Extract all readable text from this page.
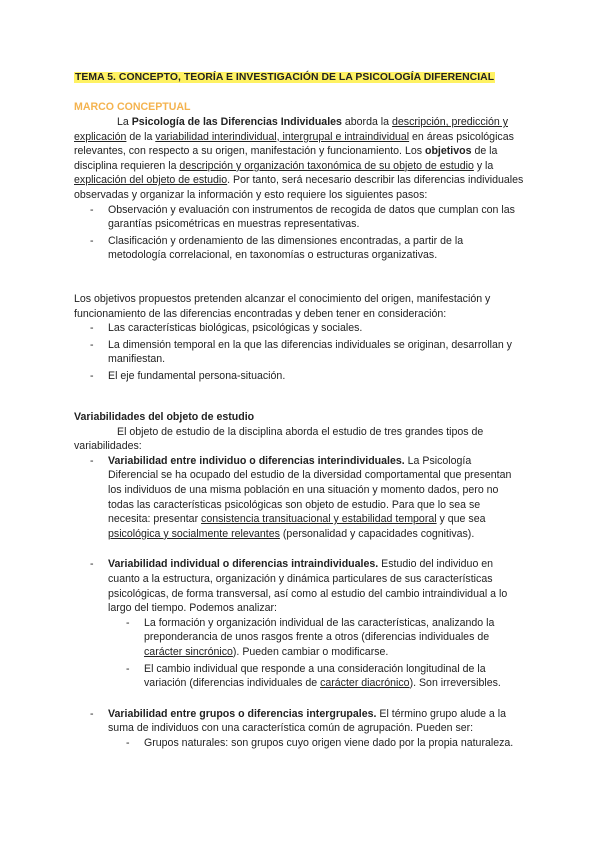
TEMA 5. CONCEPTO, TEORÍA E INVESTIGACIÓN DE LA PSICOLOGÍA DIFERENCIAL
MARCO CONCEPTUAL

La Psicología de las Diferencias Individuales aborda la descripción, predicción y explicación de la variabilidad interindividual, intergrupal e intraindividual en áreas psicológicas relevantes, con respecto a su origen, manifestación y funcionamiento. Los objetivos de la disciplina requieren la descripción y organización taxonómica de su objeto de estudio y la explicación del objeto de estudio. Por tanto, será necesario describir las diferencias individuales observadas y organizar la información y esto requiere los siguientes pasos:

- Observación y evaluación con instrumentos de recogida de datos que cumplan con las garantías psicométricas en muestras representativas.
- Clasificación y ordenamiento de las dimensiones encontradas, a partir de la metodología correlacional, en taxonomías o estructuras organizativas.

Los objetivos propuestos pretenden alcanzar el conocimiento del origen, manifestación y funcionamiento de las diferencias encontradas y deben tener en consideración:

- Las características biológicas, psicológicas y sociales.
- La dimensión temporal en la que las diferencias individuales se originan, desarrollan y manifiestan.
- El eje fundamental persona-situación.

Variabilidades del objeto de estudio

El objeto de estudio de la disciplina aborda el estudio de tres grandes tipos de variabilidades:

- Variabilidad entre individuo o diferencias interindividuales. La Psicología Diferencial se ha ocupado del estudio de la diversidad comportamental que presentan los individuos de una misma población en una situación y momento dados, pero no todas las características psicológicas son objeto de estudio. Para que lo sea se necesita: presentar consistencia transituacional y estabilidad temporal y que sea psicológica y socialmente relevantes (personalidad y capacidades cognitivas).
- Variabilidad individual o diferencias intraindividuales. Estudio del individuo en cuanto a la estructura, organización y dinámica particulares de sus características psicológicas, de forma transversal, así como al estudio del cambio intraindividual a lo largo del tiempo. Podemos analizar:
- La formación y organización individual de las características, analizando la preponderancia de unos rasgos frente a otros (diferencias individuales de carácter sincrónico). Pueden cambiar o modificarse.
- El cambio individual que responde a una consideración longitudinal de la variación (diferencias individuales de carácter diacrónico). Son irreversibles.
- Variabilidad entre grupos o diferencias intergrupales. El término grupo alude a la suma de individuos con una característica común de agrupación. Pueden ser:
- Grupos naturales: son grupos cuyo origen viene dado por la propia naturaleza.
